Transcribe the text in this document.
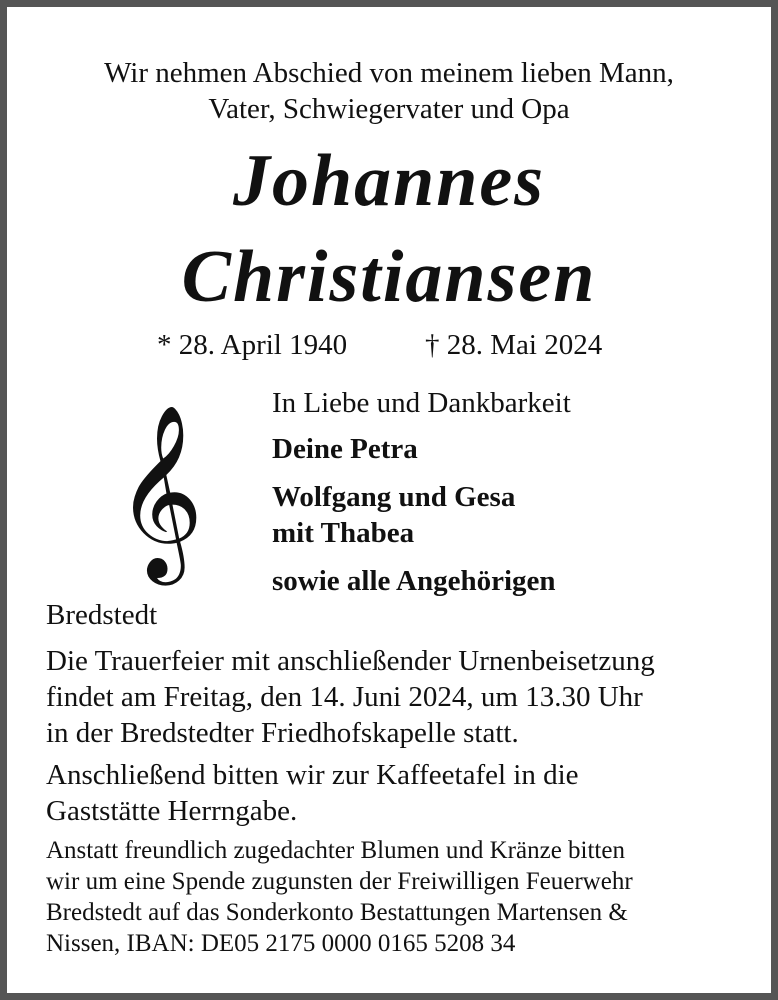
Wir nehmen Abschied von meinem lieben Mann,
Vater, Schwiegervater und Opa
Johannes
Christiansen
* 28. April 1940	† 28. Mai 2024
𝄞
In Liebe und Dankbarkeit
Deine Petra
Wolfgang und Gesa
mit Thabea
sowie alle Angehörigen
Bredstedt
Die Trauerfeier mit anschließender Urnenbeisetzung
findet am Freitag, den 14. Juni 2024, um 13.30 Uhr
in der Bredstedter Friedhofskapelle statt.
Anschließend bitten wir zur Kaffeetafel in die
Gaststätte Herrngabe.
Anstatt freundlich zugedachter Blumen und Kränze bitten
wir um eine Spende zugunsten der Freiwilligen Feuerwehr
Bredstedt auf das Sonderkonto Bestattungen Martensen &
Nissen, IBAN: DE05 2175 0000 0165 5208 34
